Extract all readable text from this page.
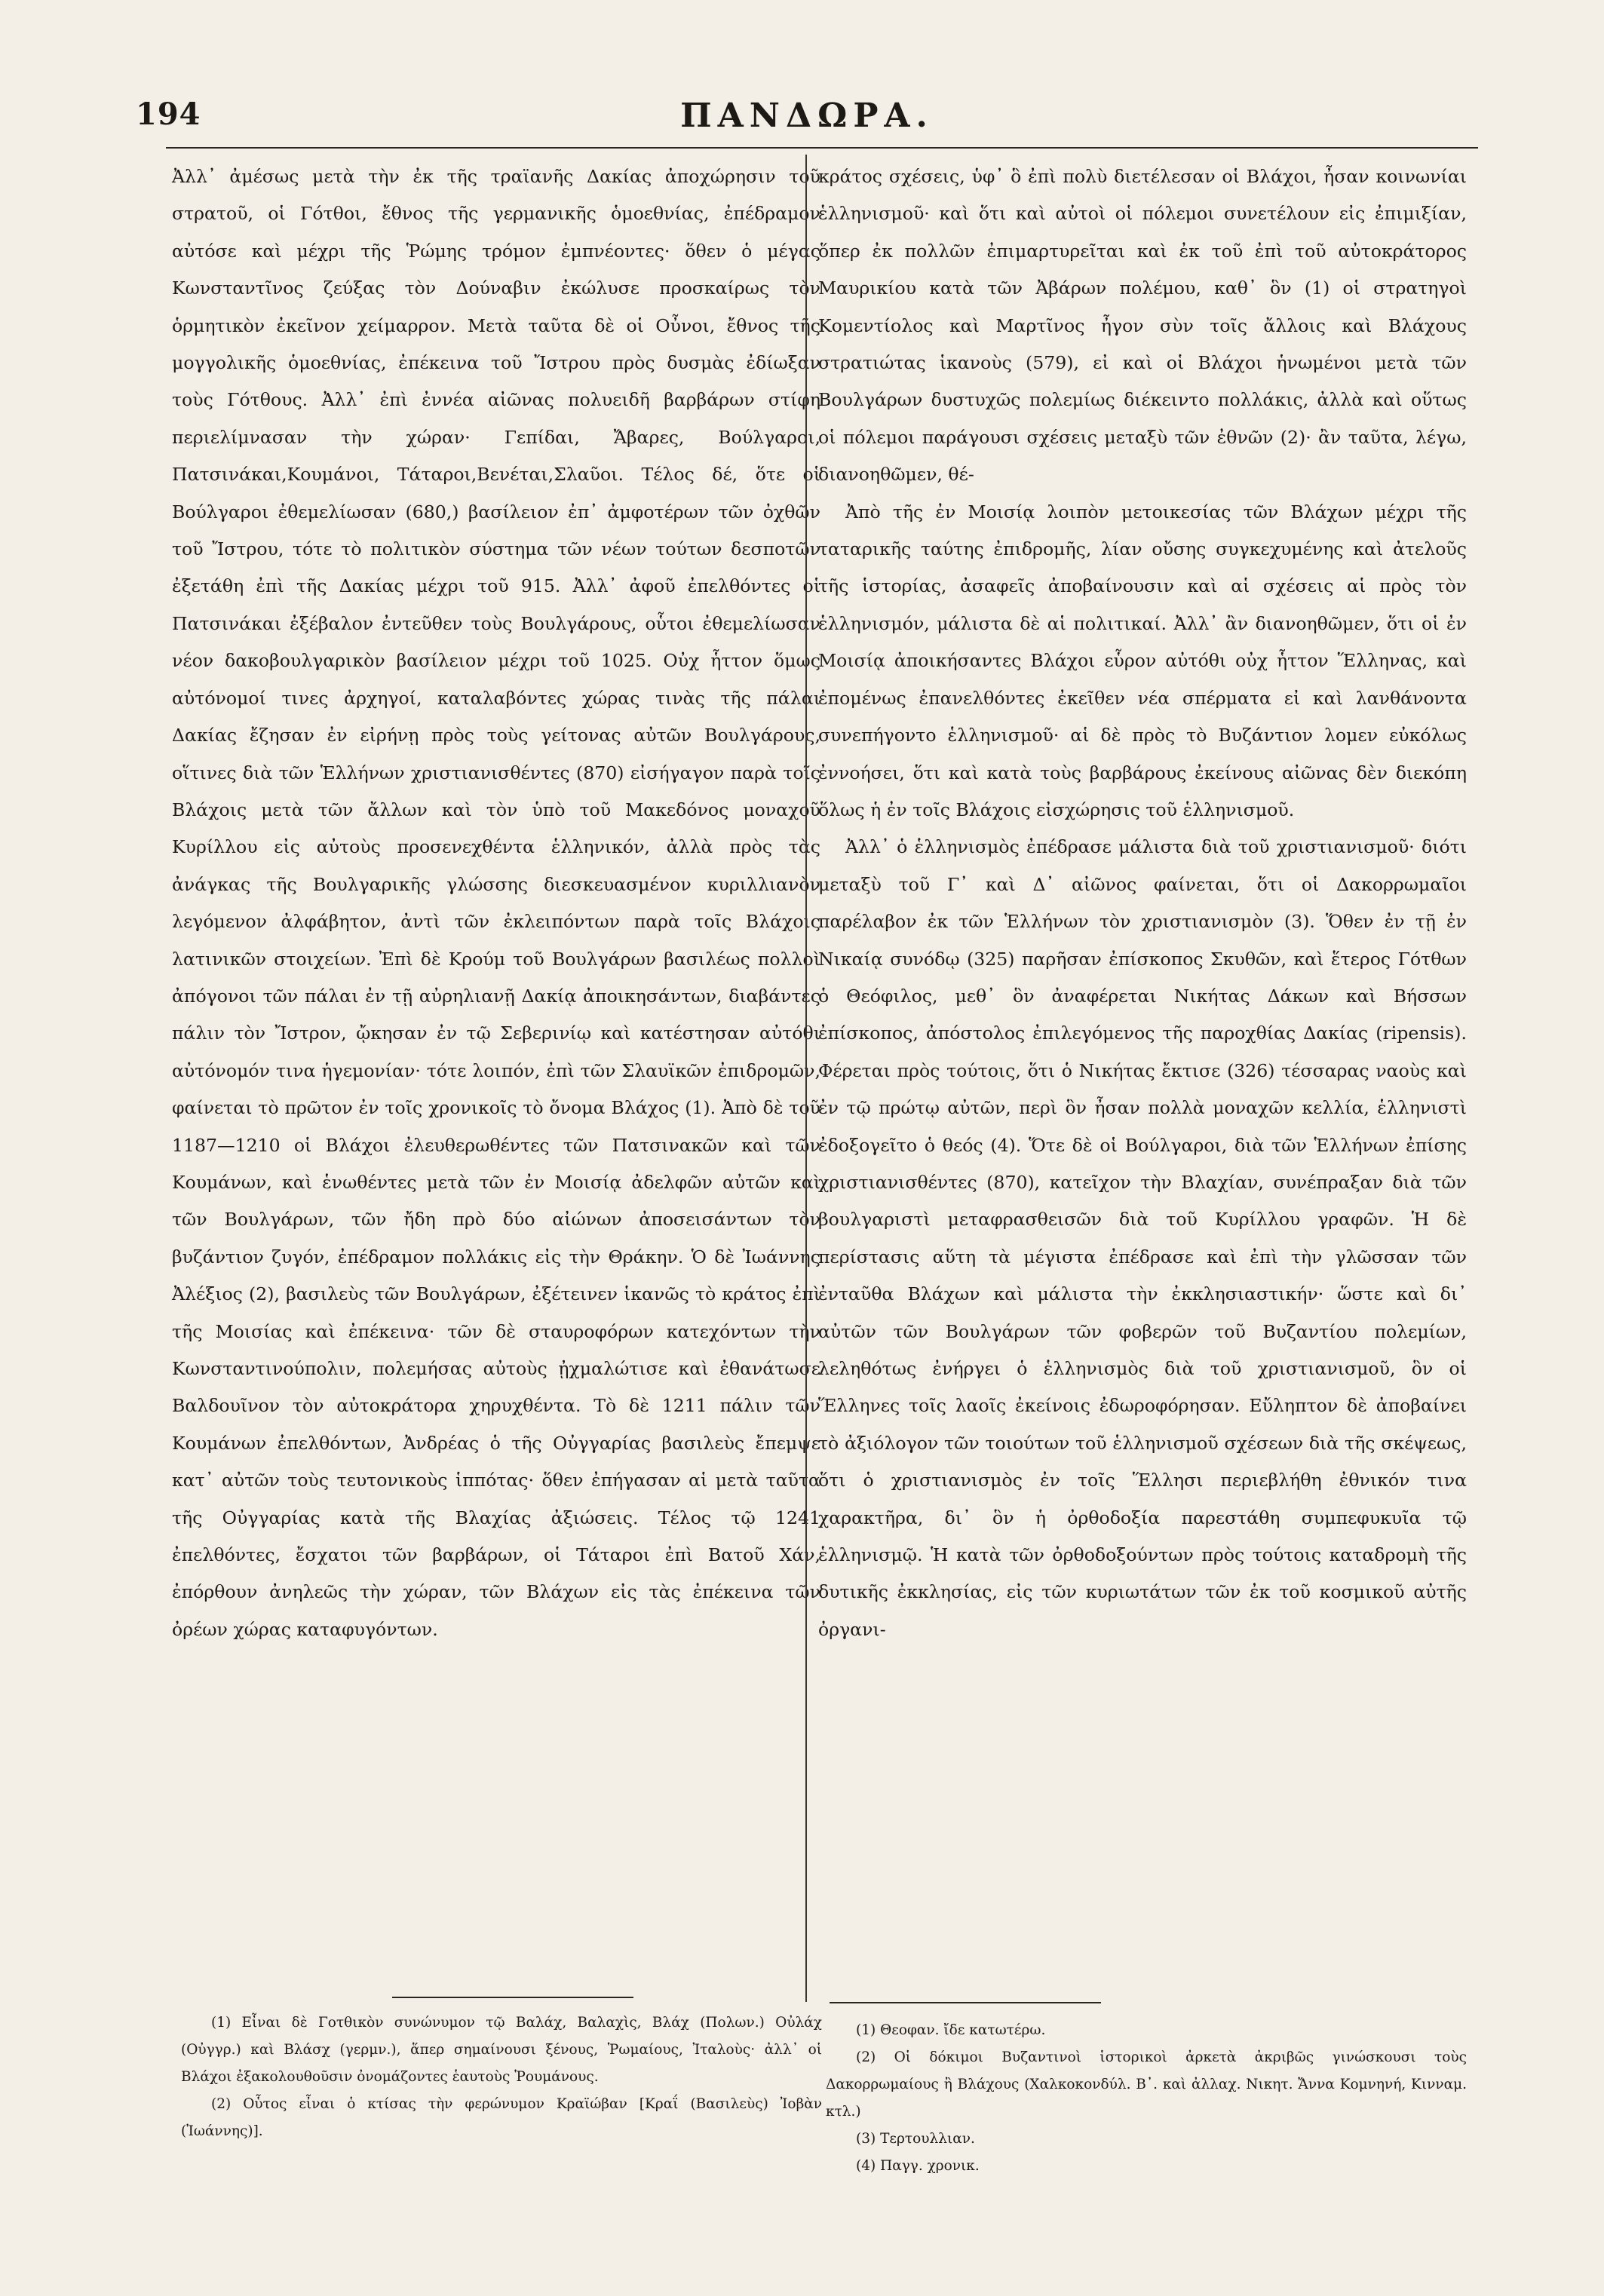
194	ΠΑΝΔΩΡΑ.

Ἀλλ᾽ ἀμέσως μετὰ τὴν ἐκ τῆς τραϊανῆς Δακίας ἀποχώρησιν τοῦ στρατοῦ, οἱ Γότθοι, ἔθνος τῆς γερμανικῆς ὁμοεθνίας, ἐπέδραμον αὐτόσε καὶ μέχρι τῆς Ῥώμης τρόμον ἐμπνέοντες· ὅθεν ὁ μέγας Κωνσταντῖνος ζεύξας τὸν Δούναβιν ἐκώλυσε προσκαίρως τὸν ὁρμητικὸν ἐκεῖνον χείμαρρον. Μετὰ ταῦτα δὲ οἱ Οὖνοι, ἔθνος τῆς μογγολικῆς ὁμοεθνίας, ἐπέκεινα τοῦ Ἴστρου πρὸς δυσμὰς ἐδίωξαν τοὺς Γότθους. Ἀλλ᾽ ἐπὶ ἐννέα αἰῶνας πολυειδῆ βαρβάρων στίφη περιελίμνασαν τὴν χώραν· Γεπίδαι, Ἄβαρες, Βούλγαροι, Πατσινάκαι,Κουμάνοι, Τάταροι,Βενέται,Σλαῦοι. Τέλος δέ, ὅτε οἱ Βούλγαροι ἐθεμελίωσαν (680,) βασίλειον ἐπ᾽ ἀμφοτέρων τῶν ὀχθῶν τοῦ Ἴστρου, τότε τὸ πολιτικὸν σύστημα τῶν νέων τούτων δεσποτῶν ἐξετάθη ἐπὶ τῆς Δακίας μέχρι τοῦ 915. Ἀλλ᾽ ἀφοῦ ἐπελθόντες οἱ Πατσινάκαι ἐξέβαλον ἐντεῦθεν τοὺς Βουλγάρους, οὗτοι ἐθεμελίωσαν νέον δακοβουλγαρικὸν βασίλειον μέχρι τοῦ 1025. Οὐχ ἧττον ὅμως αὐτόνομοί τινες ἀρχηγοί, καταλαβόντες χώρας τινὰς τῆς πάλαι Δακίας ἔζησαν ἐν εἰρήνῃ πρὸς τοὺς γείτονας αὐτῶν Βουλγάρους, οἵτινες διὰ τῶν Ἑλλήνων χριστιανισθέντες (870) εἰσήγαγον παρὰ τοῖς Βλάχοις μετὰ τῶν ἄλλων καὶ τὸν ὑπὸ τοῦ Μακεδόνος μοναχοῦ Κυρίλλου εἰς αὐτοὺς προσενεχθέντα ἑλληνικόν, ἀλλὰ πρὸς τὰς ἀνάγκας τῆς Βουλγαρικῆς γλώσσης διεσκευασμένον κυριλλιανὸν λεγόμενον ἀλφάβητον, ἀντὶ τῶν ἐκλειπόντων παρὰ τοῖς Βλάχοις λατινικῶν στοιχείων. Ἐπὶ δὲ Κρούμ τοῦ Βουλγάρων βασιλέως πολλοὶ ἀπόγονοι τῶν πάλαι ἐν τῇ αὐρηλιανῇ Δακίᾳ ἀποικησάντων, διαβάντες πάλιν τὸν Ἴστρον, ᾤκησαν ἐν τῷ Σεβερινίῳ καὶ κατέστησαν αὐτόθι αὐτόνομόν τινα ἡγεμονίαν· τότε λοιπόν, ἐπὶ τῶν Σλαυϊκῶν ἐπιδρομῶν, φαίνεται τὸ πρῶτον ἐν τοῖς χρονικοῖς τὸ ὄνομα Βλάχος (1). Ἀπὸ δὲ τοῦ 1187—1210 οἱ Βλάχοι ἐλευθερωθέντες τῶν Πατσινακῶν καὶ τῶν Κουμάνων, καὶ ἑνωθέντες μετὰ τῶν ἐν Μοισίᾳ ἀδελφῶν αὐτῶν καὶ τῶν Βουλγάρων, τῶν ἤδη πρὸ δύο αἰώνων ἀποσεισάντων τὸν βυζάντιον ζυγόν, ἐπέδραμον πολλάκις εἰς τὴν Θράκην. Ὁ δὲ Ἰωάννης Ἀλέξιος (2), βασιλεὺς τῶν Βουλγάρων, ἐξέτεινεν ἱκανῶς τὸ κράτος ἐπὶ τῆς Μοισίας καὶ ἐπέκεινα· τῶν δὲ σταυροφόρων κατεχόντων τὴν Κωνσταντινούπολιν, πολεμήσας αὐτοὺς ᾐχμαλώτισε καὶ ἐθανάτωσε Βαλδουῖνον τὸν αὐτοκράτορα χηρυχθέντα. Τὸ δὲ 1211 πάλιν τῶν Κουμάνων ἐπελθόντων, Ἀνδρέας ὁ τῆς Οὐγγαρίας βασιλεὺς ἔπεμψε κατ᾽ αὐτῶν τοὺς τευτονικοὺς ἱππότας· ὅθεν ἐπήγασαν αἱ μετὰ ταῦτα τῆς Οὐγγαρίας κατὰ τῆς Βλαχίας ἀξιώσεις. Τέλος τῷ 1241 ἐπελθόντες, ἔσχατοι τῶν βαρβάρων, οἱ Τάταροι ἐπὶ Βατοῦ Χάν, ἐπόρθουν ἀνηλεῶς τὴν χώραν, τῶν Βλάχων εἰς τὰς ἐπέκεινα τῶν ὀρέων χώρας καταφυγόντων.

κράτος σχέσεις, ὑφ᾽ ὃ ἐπὶ πολὺ διετέλεσαν οἱ Βλάχοι, ἦσαν κοινωνίαι ἑλληνισμοῦ· καὶ ὅτι καὶ αὐτοὶ οἱ πόλεμοι συνετέλουν εἰς ἐπιμιξίαν, ὅπερ ἐκ πολλῶν ἐπιμαρτυρεῖται καὶ ἐκ τοῦ ἐπὶ τοῦ αὐτοκράτορος Μαυρικίου κατὰ τῶν Ἀβάρων πολέμου, καθ᾽ ὃν (1) οἱ στρατηγοὶ Κομεντίολος καὶ Μαρτῖνος ἦγον σὺν τοῖς ἄλλοις καὶ Βλάχους στρατιώτας ἱκανοὺς (579), εἰ καὶ οἱ Βλάχοι ἡνωμένοι μετὰ τῶν Βουλγάρων δυστυχῶς πολεμίως διέκειντο πολλάκις, ἀλλὰ καὶ οὕτως οἱ πόλεμοι παράγουσι σχέσεις μεταξὺ τῶν ἐθνῶν (2)· ἂν ταῦτα, λέγω, διανοηθῶμεν, θέ-

Ἀπὸ τῆς ἐν Μοισίᾳ λοιπὸν μετοικεσίας τῶν Βλάχων μέχρι τῆς ταταρικῆς ταύτης ἐπιδρομῆς, λίαν οὔσης συγκεχυμένης καὶ ἀτελοῦς τῆς ἱστορίας, ἀσαφεῖς ἀποβαίνουσιν καὶ αἱ σχέσεις αἱ πρὸς τὸν ἑλληνισμόν, μάλιστα δὲ αἱ πολιτικαί. Ἀλλ᾽ ἂν διανοηθῶμεν, ὅτι οἱ ἐν Μοισίᾳ ἀποικήσαντες Βλάχοι εὗρον αὐτόθι οὐχ ἧττον Ἕλληνας, καὶ ἐπομένως ἐπανελθόντες ἐκεῖθεν νέα σπέρματα εἰ καὶ λανθάνοντα συνεπήγοντο ἑλληνισμοῦ· αἱ δὲ πρὸς τὸ Βυζάντιον λομεν εὐκόλως ἐννοήσει, ὅτι καὶ κατὰ τοὺς βαρβάρους ἐκείνους αἰῶνας δὲν διεκόπη ὅλως ἡ ἐν τοῖς Βλάχοις εἰσχώρησις τοῦ ἑλληνισμοῦ.

Ἀλλ᾽ ὁ ἑλληνισμὸς ἐπέδρασε μάλιστα διὰ τοῦ χριστιανισμοῦ· διότι μεταξὺ τοῦ Γ᾽ καὶ Δ᾽ αἰῶνος φαίνεται, ὅτι οἱ Δακορρωμαῖοι παρέλαβον ἐκ τῶν Ἑλλήνων τὸν χριστιανισμὸν (3). Ὅθεν ἐν τῇ ἐν Νικαίᾳ συνόδῳ (325) παρῆσαν ἐπίσκοπος Σκυθῶν, καὶ ἕτερος Γότθων ὁ Θεόφιλος, μεθ᾽ ὃν ἀναφέρεται Νικήτας Δάκων καὶ Βήσσων ἐπίσκοπος, ἀπόστολος ἐπιλεγόμενος τῆς παροχθίας Δακίας (ripensis). Φέρεται πρὸς τούτοις, ὅτι ὁ Νικήτας ἔκτισε (326) τέσσαρας ναοὺς καὶ ἐν τῷ πρώτῳ αὐτῶν, περὶ ὃν ἦσαν πολλὰ μοναχῶν κελλία, ἑλληνιστὶ ἐδοξογεῖτο ὁ θεός (4). Ὅτε δὲ οἱ Βούλγαροι, διὰ τῶν Ἑλλήνων ἐπίσης χριστιανισθέντες (870), κατεῖχον τὴν Βλαχίαν, συνέπραξαν διὰ τῶν βουλγαριστὶ μεταφρασθεισῶν διὰ τοῦ Κυρίλλου γραφῶν. Ἡ δὲ περίστασις αὕτη τὰ μέγιστα ἐπέδρασε καὶ ἐπὶ τὴν γλῶσσαν τῶν ἐνταῦθα Βλάχων καὶ μάλιστα τὴν ἐκκλησιαστικήν· ὥστε καὶ δι᾽ αὐτῶν τῶν Βουλγάρων τῶν φοβερῶν τοῦ Βυζαντίου πολεμίων, λεληθότως ἐνήργει ὁ ἑλληνισμὸς διὰ τοῦ χριστιανισμοῦ, ὃν οἱ Ἕλληνες τοῖς λαοῖς ἐκείνοις ἐδωροφόρησαν. Εὔληπτον δὲ ἀποβαίνει τὸ ἀξιόλογον τῶν τοιούτων τοῦ ἑλληνισμοῦ σχέσεων διὰ τῆς σκέψεως, ὅτι ὁ χριστιανισμὸς ἐν τοῖς Ἕλλησι περιεβλήθη ἐθνικόν τινα χαρακτῆρα, δι᾽ ὃν ἡ ὀρθοδοξία παρεστάθη συμπεφυκυῖα τῷ ἑλληνισμῷ. Ἡ κατὰ τῶν ὀρθοδοξούντων πρὸς τούτοις καταδρομὴ τῆς δυτικῆς ἐκκλησίας, εἰς τῶν κυριωτάτων τῶν ἐκ τοῦ κοσμικοῦ αὐτῆς ὀργανι-

(1) Εἶναι δὲ Γοτθικὸν συνώνυμον τῷ Βαλάχ, Βαλαχὶς, Βλάχ (Πολων.) Οὐλάχ (Οὐγγρ.) καὶ Βλάσχ (γερμν.), ἅπερ σημαίνουσι ξένους, Ῥωμαίους, Ἰταλοὺς· ἀλλ᾽ οἱ Βλάχοι ἐξακολουθοῦσιν ὀνομάζοντες ἑαυτοὺς Ῥουμάνους.

(2) Οὗτος εἶναι ὁ κτίσας τὴν φερώνυμον Κραϊώβαν [Κραΐ (Βασιλεὺς) Ἰοβὰν (Ἰωάννης)].

(1) Θεοφαν. ἴδε κατωτέρω.

(2) Οἱ δόκιμοι Βυζαντινοὶ ἱστορικοὶ ἀρκετὰ ἀκριβῶς γινώσκουσι τοὺς Δακορρωμαίους ἢ Βλάχους (Χαλκοκονδύλ. Β᾽. καὶ ἀλλαχ. Νικητ. Ἄννα Κομνηνή, Κινναμ. κτλ.)

(3) Τερτουλλιαν.

(4) Παγγ. χρονικ.
